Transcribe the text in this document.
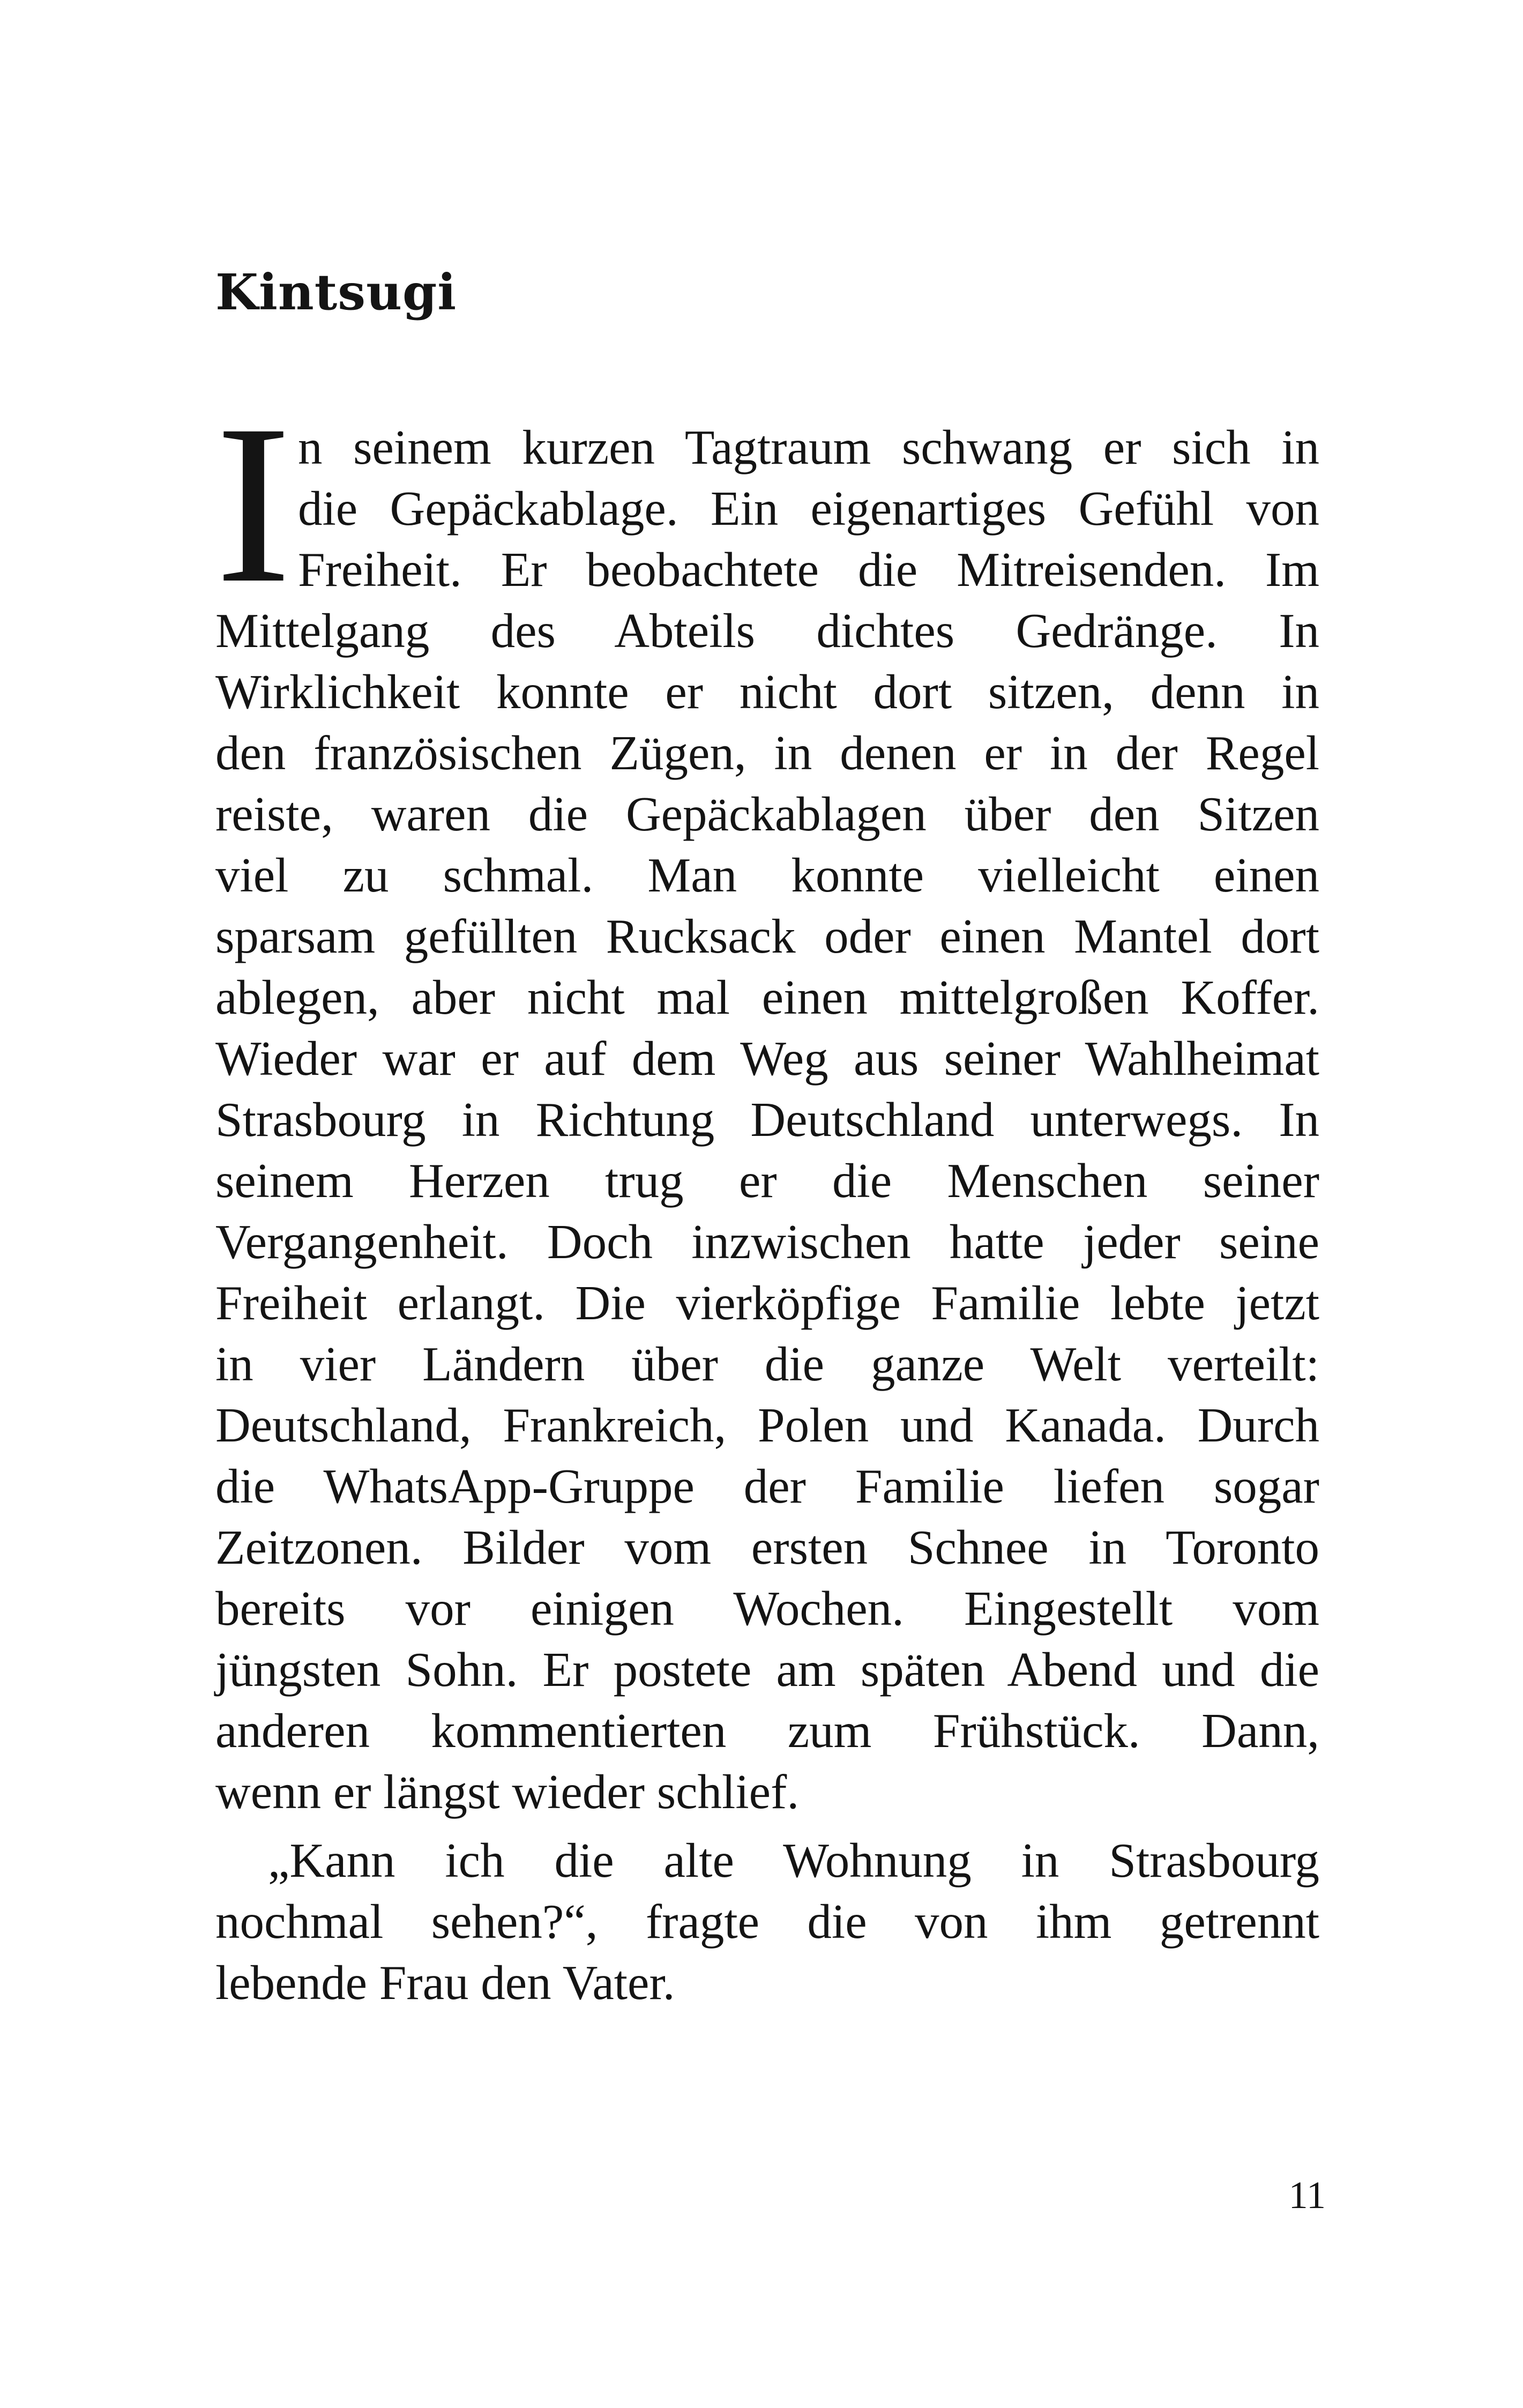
Kintsugi
I n seinem kurzen Tagtraum schwang er sich in
die Gepäckablage. Ein eigenartiges Gefühl von
Freiheit. Er beobachtete die Mitreisenden. Im
Mittelgang des Abteils dichtes Gedränge. In
Wirklichkeit konnte er nicht dort sitzen, denn in
den französischen Zügen, in denen er in der Regel
reiste, waren die Gepäckablagen über den Sitzen
viel zu schmal. Man konnte vielleicht einen
sparsam gefüllten Rucksack oder einen Mantel dort
ablegen, aber nicht mal einen mittelgroßen Koffer.
Wieder war er auf dem Weg aus seiner Wahlheimat
Strasbourg in Richtung Deutschland unterwegs. In
seinem Herzen trug er die Menschen seiner
Vergangenheit. Doch inzwischen hatte jeder seine
Freiheit erlangt. Die vierköpfige Familie lebte jetzt
in vier Ländern über die ganze Welt verteilt:
Deutschland, Frankreich, Polen und Kanada. Durch
die WhatsApp-Gruppe der Familie liefen sogar
Zeitzonen. Bilder vom ersten Schnee in Toronto
bereits vor einigen Wochen. Eingestellt vom
jüngsten Sohn. Er postete am späten Abend und die
anderen kommentierten zum Frühstück. Dann,
wenn er längst wieder schlief.
„Kann ich die alte Wohnung in Strasbourg
nochmal sehen?“, fragte die von ihm getrennt
lebende Frau den Vater.
11
